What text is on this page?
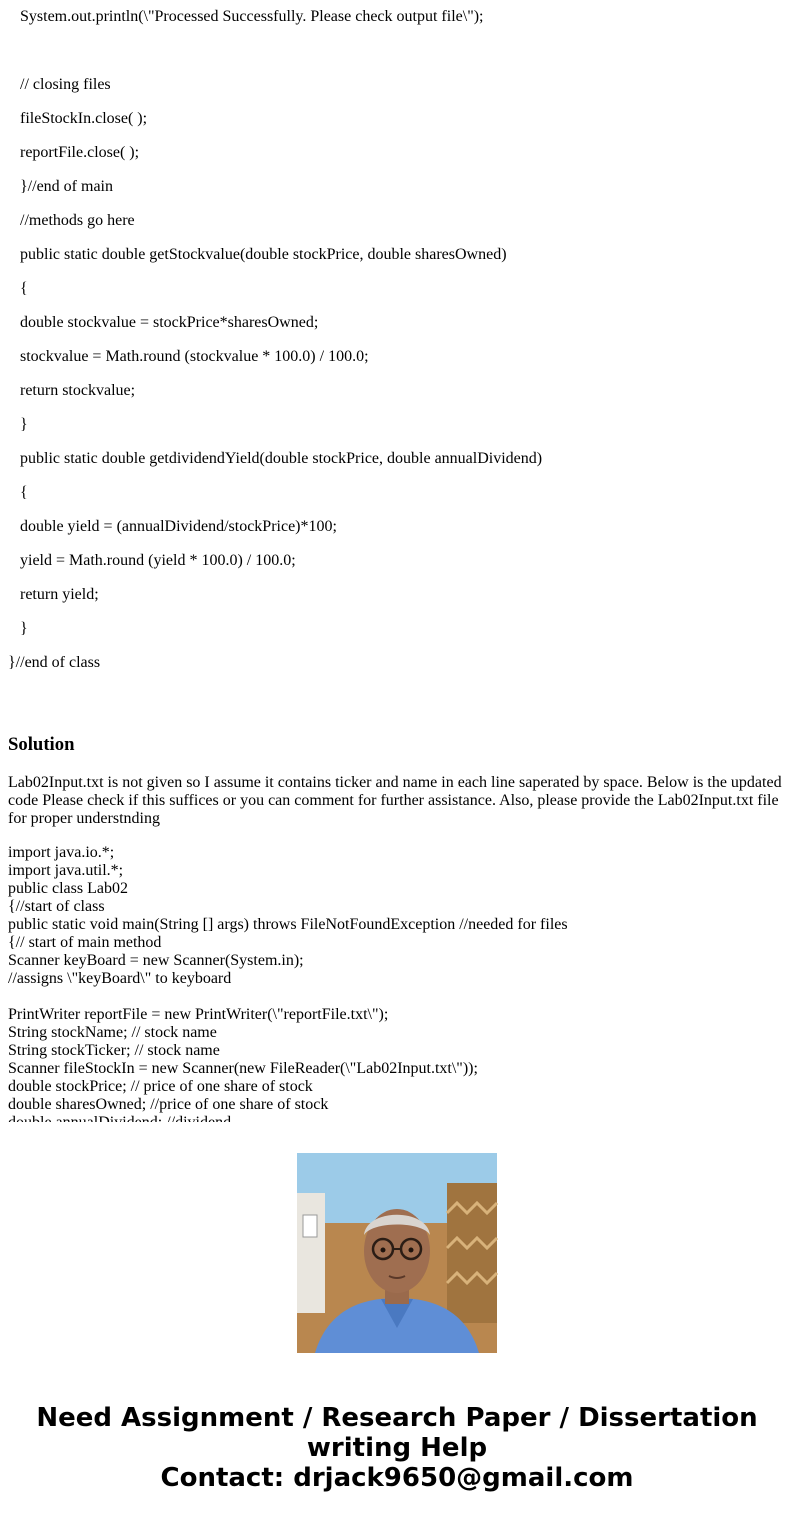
System.out.println(\"Processed Successfully. Please check output file\");

// closing files

fileStockIn.close( );

reportFile.close( );

}//end of main

//methods go here

public static double getStockvalue(double stockPrice, double sharesOwned)

{

double stockvalue = stockPrice*sharesOwned;

stockvalue = Math.round (stockvalue * 100.0) / 100.0;

return stockvalue;

}

public static double getdividendYield(double stockPrice, double annualDividend)

{

double yield = (annualDividend/stockPrice)*100;

yield = Math.round (yield * 100.0) / 100.0;

return yield;

}

}//end of class

Solution

Lab02Input.txt is not given so I assume it contains ticker and name in each line saperated by space. Below is the updated code Please check if this suffices or you can comment for further assistance. Also, please provide the Lab02Input.txt file for proper understnding

import java.io.*;
import java.util.*;
public class Lab02
{//start of class
public static void main(String [] args) throws FileNotFoundException //needed for files
{// start of main method
Scanner keyBoard = new Scanner(System.in);
//assigns \"keyBoard\" to keyboard
PrintWriter reportFile = new PrintWriter(\"reportFile.txt\");
String stockName; // stock name
String stockTicker; // stock name
Scanner fileStockIn = new Scanner(new FileReader(\"Lab02Input.txt\"));
double stockPrice; // price of one share of stock
double sharesOwned; //price of one share of stock

Need Assignment / Research Paper / Dissertation
writing Help
Contact: drjack9650@gmail.com
